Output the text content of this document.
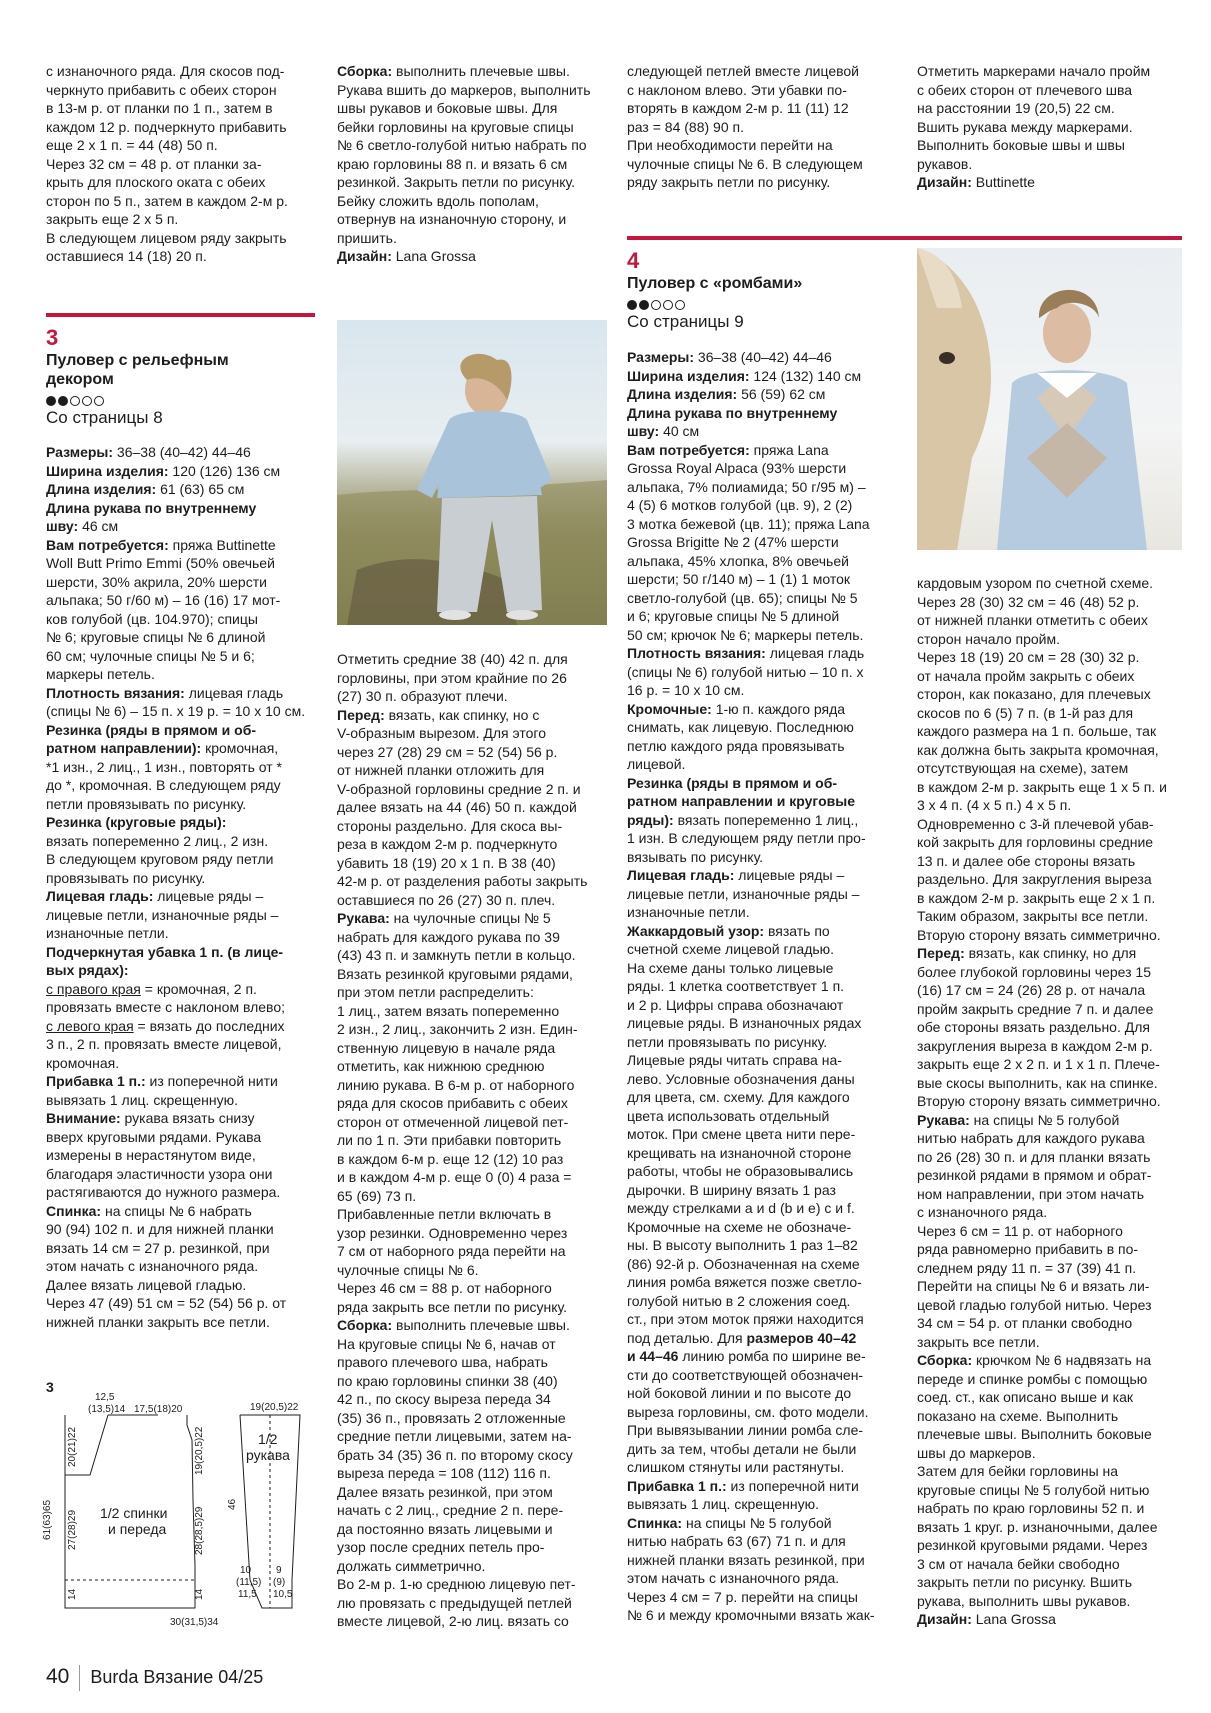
с изнаночного ряда. Для скосов под-

черкнуто прибавить с обеих сторон

в 13-м р. от планки по 1 п., затем в

каждом 12 р. подчеркнуто прибавить

еще 2 х 1 п. = 44 (48) 50 п.

Через 32 см = 48 р. от планки за-

крыть для плоского оката с обеих

сторон по 5 п., затем в каждом 2-м р.

закрыть еще 2 х 5 п.

В следующем лицевом ряду закрыть

оставшиеся 14 (18) 20 п.

Сборка: выполнить плечевые швы.

Рукава вшить до маркеров, выполнить

швы рукавов и боковые швы. Для

бейки горловины на круговые спицы

№ 6 светло-голубой нитью набрать по

краю горловины 88 п. и вязать 6 см

резинкой. Закрыть петли по рисунку.

Бейку сложить вдоль пополам,

отвернув на изнаночную сторону, и

пришить.

Дизайн: Lana Grossa

следующей петлей вместе лицевой

с наклоном влево. Эти убавки по-

вторять в каждом 2-м р. 11 (11) 12

раз = 84 (88) 90 п.

При необходимости перейти на

чулочные спицы № 6. В следующем

ряду закрыть петли по рисунку.

Отметить маркерами начало пройм

с обеих сторон от плечевого шва

на расстоянии 19 (20,5) 22 см.

Вшить рукава между маркерами.

Выполнить боковые швы и швы

рукавов.

Дизайн: Buttinette

3

Пуловер с рельефным
декором

Со страницы 8

Размеры: 36–38 (40–42) 44–46

Ширина изделия: 120 (126) 136 см

Длина изделия: 61 (63) 65 см

Длина рукава по внутреннему

шву: 46 см

Вам потребуется: пряжа Buttinette

Woll Butt Primo Emmi (50% овечьей

шерсти, 30% акрила, 20% шерсти

альпака; 50 г/60 м) – 16 (16) 17 мот-

ков голубой (цв. 104.970); спицы

№ 6; круговые спицы № 6 длиной

60 см; чулочные спицы № 5 и 6;

маркеры петель.

Плотность вязания: лицевая гладь

(спицы № 6) – 15 п. х 19 р. = 10 х 10 см.

Резинка (ряды в прямом и об-

ратном направлении): кромочная,

*1 изн., 2 лиц., 1 изн., повторять от *

до *, кромочная. В следующем ряду

петли провязывать по рисунку.

Резинка (круговые ряды):

вязать попеременно 2 лиц., 2 изн.

В следующем круговом ряду петли

провязывать по рисунку.

Лицевая гладь: лицевые ряды –

лицевые петли, изнаночные ряды –

изнаночные петли.

Подчеркнутая убавка 1 п. (в лице-

вых рядах):

с правого края = кромочная, 2 п.

провязать вместе с наклоном влево;

с левого края = вязать до последних

3 п., 2 п. провязать вместе лицевой,

кромочная.

Прибавка 1 п.: из поперечной нити

вывязать 1 лиц. скрещенную.

Внимание: рукава вязать снизу

вверх круговыми рядами. Рукава

измерены в нерастянутом виде,

благодаря эластичности узора они

растягиваются до нужного размера.

Спинка: на спицы № 6 набрать

90 (94) 102 п. и для нижней планки

вязать 14 см = 27 р. резинкой, при

этом начать с изнаночного ряда.

Далее вязать лицевой гладью.

Через 47 (49) 51 см = 52 (54) 56 р. от

нижней планки закрыть все петли.

Отметить средние 38 (40) 42 п. для

горловины, при этом крайние по 26

(27) 30 п. образуют плечи.

Перед: вязать, как спинку, но с

V-образным вырезом. Для этого

через 27 (28) 29 см = 52 (54) 56 р.

от нижней планки отложить для

V-образной горловины средние 2 п. и

далее вязать на 44 (46) 50 п. каждой

стороны раздельно. Для скоса вы-

реза в каждом 2-м р. подчеркнуто

убавить 18 (19) 20 х 1 п. В 38 (40)

42-м р. от разделения работы закрыть

оставшиеся по 26 (27) 30 п. плеч.

Рукава: на чулочные спицы № 5

набрать для каждого рукава по 39

(43) 43 п. и замкнуть петли в кольцо.

Вязать резинкой круговыми рядами,

при этом петли распределить:

1 лиц., затем вязать попеременно

2 изн., 2 лиц., закончить 2 изн. Един-

ственную лицевую в начале ряда

отметить, как нижнюю среднюю

линию рукава. В 6-м р. от наборного

ряда для скосов прибавить с обеих

сторон от отмеченной лицевой пет-

ли по 1 п. Эти прибавки повторить

в каждом 6-м р. еще 12 (12) 10 раз

и в каждом 4-м р. еще 0 (0) 4 раза =

65 (69) 73 п.

Прибавленные петли включать в

узор резинки. Одновременно через

7 см от наборного ряда перейти на

чулочные спицы № 6.

Через 46 см = 88 р. от наборного

ряда закрыть все петли по рисунку.

Сборка: выполнить плечевые швы.

На круговые спицы № 6, начав от

правого плечевого шва, набрать

по краю горловины спинки 38 (40)

42 п., по скосу выреза переда 34

(35) 36 п., провязать 2 отложенные

средние петли лицевыми, затем на-

брать 34 (35) 36 п. по второму скосу

выреза переда = 108 (112) 116 п.

Далее вязать резинкой, при этом

начать с 2 лиц., средние 2 п. пере-

да постоянно вязать лицевыми и

узор после средних петель про-

должать симметрично.

Во 2-м р. 1-ю среднюю лицевую пет-

лю провязать с предыдущей петлей

вместе лицевой, 2-ю лиц. вязать со

4

Пуловер с «ромбами»

Со страницы 9

Размеры: 36–38 (40–42) 44–46

Ширина изделия: 124 (132) 140 см

Длина изделия: 56 (59) 62 см

Длина рукава по внутреннему

шву: 40 см

Вам потребуется: пряжа Lana

Grossa Royal Alpaca (93% шерсти

альпака, 7% полиамида; 50 г/95 м) –

4 (5) 6 мотков голубой (цв. 9), 2 (2)

3 мотка бежевой (цв. 11); пряжа Lana

Grossa Brigitte № 2 (47% шерсти

альпака, 45% хлопка, 8% овечьей

шерсти; 50 г/140 м) – 1 (1) 1 моток

светло-голубой (цв. 65); спицы № 5

и 6; круговые спицы № 5 длиной

50 см; крючок № 6; маркеры петель.

Плотность вязания: лицевая гладь

(спицы № 6) голубой нитью – 10 п. х

16 р. = 10 х 10 см.

Кромочные: 1-ю п. каждого ряда

снимать, как лицевую. Последнюю

петлю каждого ряда провязывать

лицевой.

Резинка (ряды в прямом и об-

ратном направлении и круговые

ряды): вязать попеременно 1 лиц.,

1 изн. В следующем ряду петли про-

вязывать по рисунку.

Лицевая гладь: лицевые ряды –

лицевые петли, изнаночные ряды –

изнаночные петли.

Жаккардовый узор: вязать по

счетной схеме лицевой гладью.

На схеме даны только лицевые

ряды. 1 клетка соответствует 1 п.

и 2 р. Цифры справа обозначают

лицевые ряды. В изнаночных рядах

петли провязывать по рисунку.

Лицевые ряды читать справа на-

лево. Условные обозначения даны

для цвета, см. схему. Для каждого

цвета использовать отдельный

моток. При смене цвета нити пере-

крещивать на изнаночной стороне

работы, чтобы не образовывались

дырочки. В ширину вязать 1 раз

между стрелками a и d (b и e) с и f.

Кромочные на схеме не обозначе-

ны. В высоту выполнить 1 раз 1–82

(86) 92-й р. Обозначенная на схеме

линия ромба вяжется позже светло-

голубой нитью в 2 сложения соед.

ст., при этом моток пряжи находится

под деталью. Для размеров 40–42

и 44–46 линию ромба по ширине ве-

сти до соответствующей обозначен-

ной боковой линии и по высоте до

выреза горловины, см. фото модели.

При вывязывании линии ромба сле-

дить за тем, чтобы детали не были

слишком стянуты или растянуты.

Прибавка 1 п.: из поперечной нити

вывязать 1 лиц. скрещенную.

Спинка: на спицы № 5 голубой

нитью набрать 63 (67) 71 п. и для

нижней планки вязать резинкой, при

этом начать с изнаночного ряда.

Через 4 см = 7 р. перейти на спицы

№ 6 и между кромочными вязать жак-

кардовым узором по счетной схеме.

Через 28 (30) 32 см = 46 (48) 52 р.

от нижней планки отметить с обеих

сторон начало пройм.

Через 18 (19) 20 см = 28 (30) 32 р.

от начала пройм закрыть с обеих

сторон, как показано, для плечевых

скосов по 6 (5) 7 п. (в 1-й раз для

каждого размера на 1 п. больше, так

как должна быть закрыта кромочная,

отсутствующая на схеме), затем

в каждом 2-м р. закрыть еще 1 х 5 п. и

3 х 4 п. (4 х 5 п.) 4 х 5 п.

Одновременно с 3-й плечевой убав-

кой закрыть для горловины средние

13 п. и далее обе стороны вязать

раздельно. Для закругления выреза

в каждом 2-м р. закрыть еще 2 х 1 п.

Таким образом, закрыты все петли.

Вторую сторону вязать симметрично.

Перед: вязать, как спинку, но для

более глубокой горловины через 15

(16) 17 см = 24 (26) 28 р. от начала

пройм закрыть средние 7 п. и далее

обе стороны вязать раздельно. Для

закругления выреза в каждом 2-м р.

закрыть еще 2 х 2 п. и 1 х 1 п. Плече-

вые скосы выполнить, как на спинке.

Вторую сторону вязать симметрично.

Рукава: на спицы № 5 голубой

нитью набрать для каждого рукава

по 26 (28) 30 п. и для планки вязать

резинкой рядами в прямом и обрат-

ном направлении, при этом начать

с изнаночного ряда.

Через 6 см = 11 р. от наборного

ряда равномерно прибавить в по-

следнем ряду 11 п. = 37 (39) 41 п.

Перейти на спицы № 6 и вязать ли-

цевой гладью голубой нитью. Через

34 см = 54 р. от планки свободно

закрыть все петли.

Сборка: крючком № 6 надвязать на

переде и спинке ромбы с помощью

соед. ст., как описано выше и как

показано на схеме. Выполнить

плечевые швы. Выполнить боковые

швы до маркеров.

Затем для бейки горловины на

круговые спицы № 5 голубой нитью

набрать по краю горловины 52 п. и

вязать 1 круг. р. изнаночными, далее

резинкой круговыми рядами. Через

3 см от начала бейки свободно

закрыть петли по рисунку. Вшить

рукава, выполнить швы рукавов.

Дизайн: Lana Grossa

3
12,5
(13,5)14 17,5(18)20	19(20,5)22
1/2 спинки
и переда
1/2
рукава
30(31,5)34
10
(11,5)
11,5
9
(9)
10,5
61(63)65
20(21)22
27(28)29
14
19(20,5)22
28(28,5)29
14
46
40 Burda Вязание 04/25
